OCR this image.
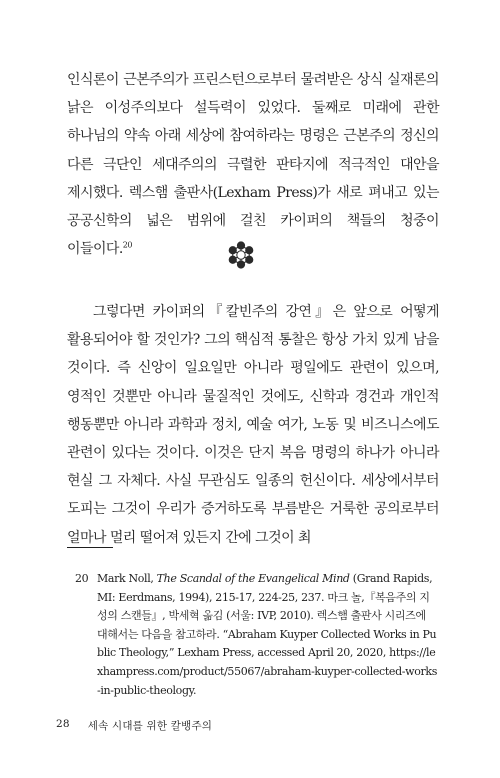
인식론이 근본주의가 프린스턴으로부터 물려받은 상식 실재론의 낡은 이성주의보다 설득력이 있었다. 둘째로 미래에 관한 하나님의 약속 아래 세상에 참여하라는 명령은 근본주의 정신의 다른 극단인 세대주의의 극렬한 판타지에 적극적인 대안을 제시했다. 렉스햄 출판사(Lexham Press)가 새로 펴내고 있는 공공신학의 넓은 범위에 걸친 카이퍼의 책들의 청중이 이들이다.$^{20}$

그렇다면 카이퍼의『칼빈주의 강연』은 앞으로 어떻게 활용되어야 할 것인가? 그의 핵심적 통찰은 항상 가치 있게 남을 것이다. 즉 신앙이 일요일만 아니라 평일에도 관련이 있으며, 영적인 것뿐만 아니라 물질적인 것에도, 신학과 경건과 개인적 행동뿐만 아니라 과학과 정치, 예술 여가, 노동 및 비즈니스에도 관련이 있다는 것이다. 이것은 단지 복음 명령의 하나가 아니라 현실 그 자체다. 사실 무관심도 일종의 헌신이다. 세상에서부터 도피는 그것이 우리가 증거하도록 부름받은 거룩한 공의로부터 얼마나 멀리 떨어져 있든지 간에 그것이 최

20 Mark Noll, The Scandal of the Evangelical Mind (Grand Rapids, MI: Eerdmans, 1994), 215-17, 224-25, 237. 마크 놀,『복음주의 지성의 스캔들』, 박세혁 옮김 (서울: IVP, 2010). 렉스햄 출판사 시리즈에 대해서는 다음을 참고하라. “Abraham Kuyper Collected Works in Public Theology,” Lexham Press, accessed April 20, 2020, https://lexhampress.com/product/55067/abraham-kuyper-collected-works-in-public-theology.
28 세속 시대를 위한 칼뱅주의
